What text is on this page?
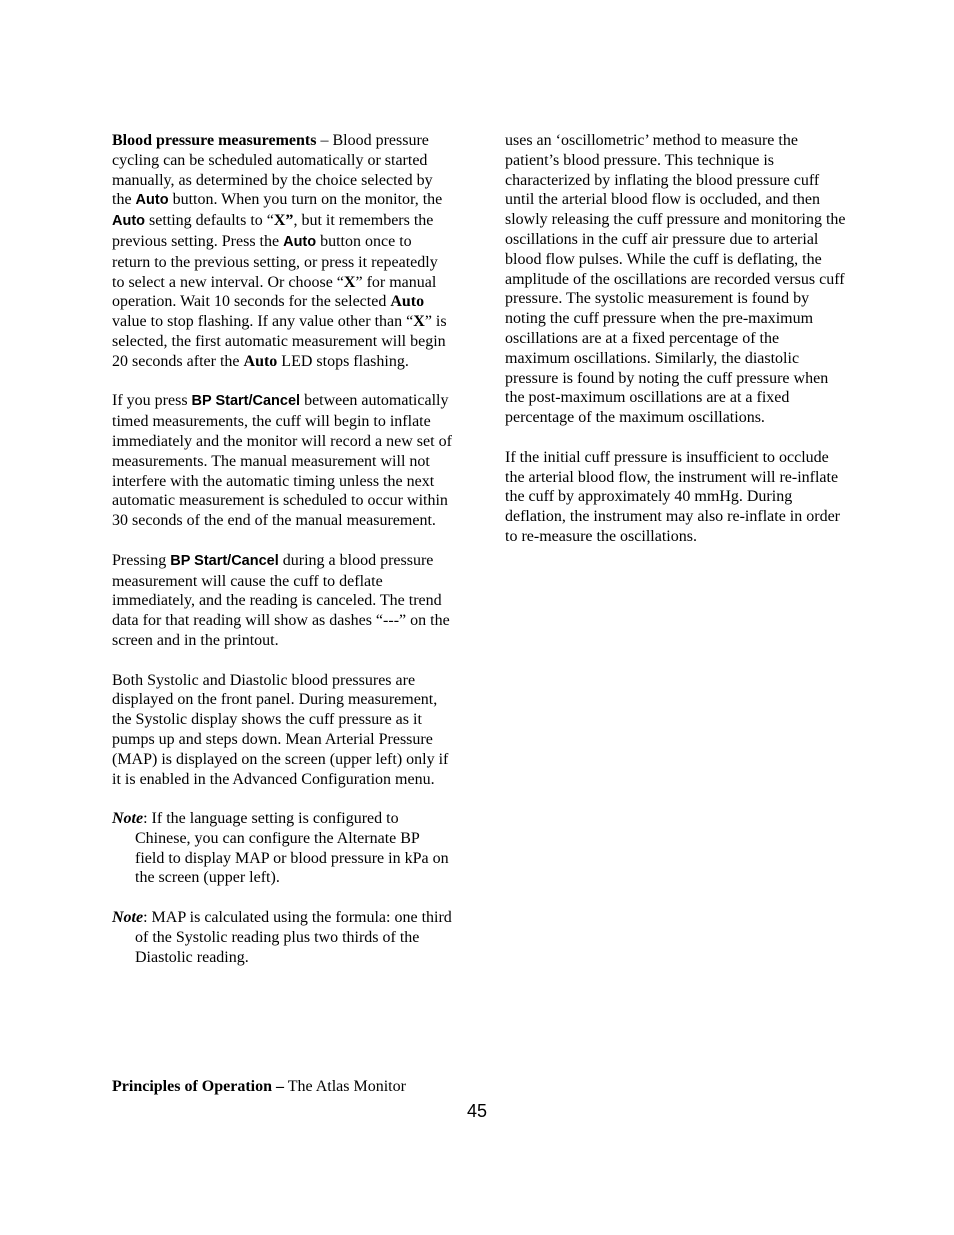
Blood pressure measurements – Blood pressure cycling can be scheduled automatically or started manually, as determined by the choice selected by the Auto button. When you turn on the monitor, the Auto setting defaults to “X”, but it remembers the previous setting. Press the Auto button once to return to the previous setting, or press it repeatedly to select a new interval. Or choose “X” for manual operation. Wait 10 seconds for the selected Auto value to stop flashing. If any value other than “X” is selected, the first automatic measurement will begin 20 seconds after the Auto LED stops flashing.

If you press BP Start/Cancel between automatically timed measurements, the cuff will begin to inflate immediately and the monitor will record a new set of measurements. The manual measurement will not interfere with the automatic timing unless the next automatic measurement is scheduled to occur within 30 seconds of the end of the manual measurement.

Pressing BP Start/Cancel during a blood pressure measurement will cause the cuff to deflate immediately, and the reading is canceled. The trend data for that reading will show as dashes “---” on the screen and in the printout.

Both Systolic and Diastolic blood pressures are displayed on the front panel. During measurement, the Systolic display shows the cuff pressure as it pumps up and steps down. Mean Arterial Pressure (MAP) is displayed on the screen (upper left) only if it is enabled in the Advanced Configuration menu.

Note: If the language setting is configured to Chinese, you can configure the Alternate BP field to display MAP or blood pressure in kPa on the screen (upper left).

Note: MAP is calculated using the formula: one third of the Systolic reading plus two thirds of the Diastolic reading.

Principles of Operation – The Atlas Monitor

uses an ‘oscillometric’ method to measure the patient’s blood pressure. This technique is characterized by inflating the blood pressure cuff until the arterial blood flow is occluded, and then slowly releasing the cuff pressure and monitoring the oscillations in the cuff air pressure due to arterial blood flow pulses. While the cuff is deflating, the amplitude of the oscillations are recorded versus cuff pressure. The systolic measurement is found by noting the cuff pressure when the pre-maximum oscillations are at a fixed percentage of the maximum oscillations. Similarly, the diastolic pressure is found by noting the cuff pressure when the post-maximum oscillations are at a fixed percentage of the maximum oscillations.

If the initial cuff pressure is insufficient to occlude the arterial blood flow, the instrument will re-inflate the cuff by approximately 40 mmHg. During deflation, the instrument may also re-inflate in order to re-measure the oscillations.

45
